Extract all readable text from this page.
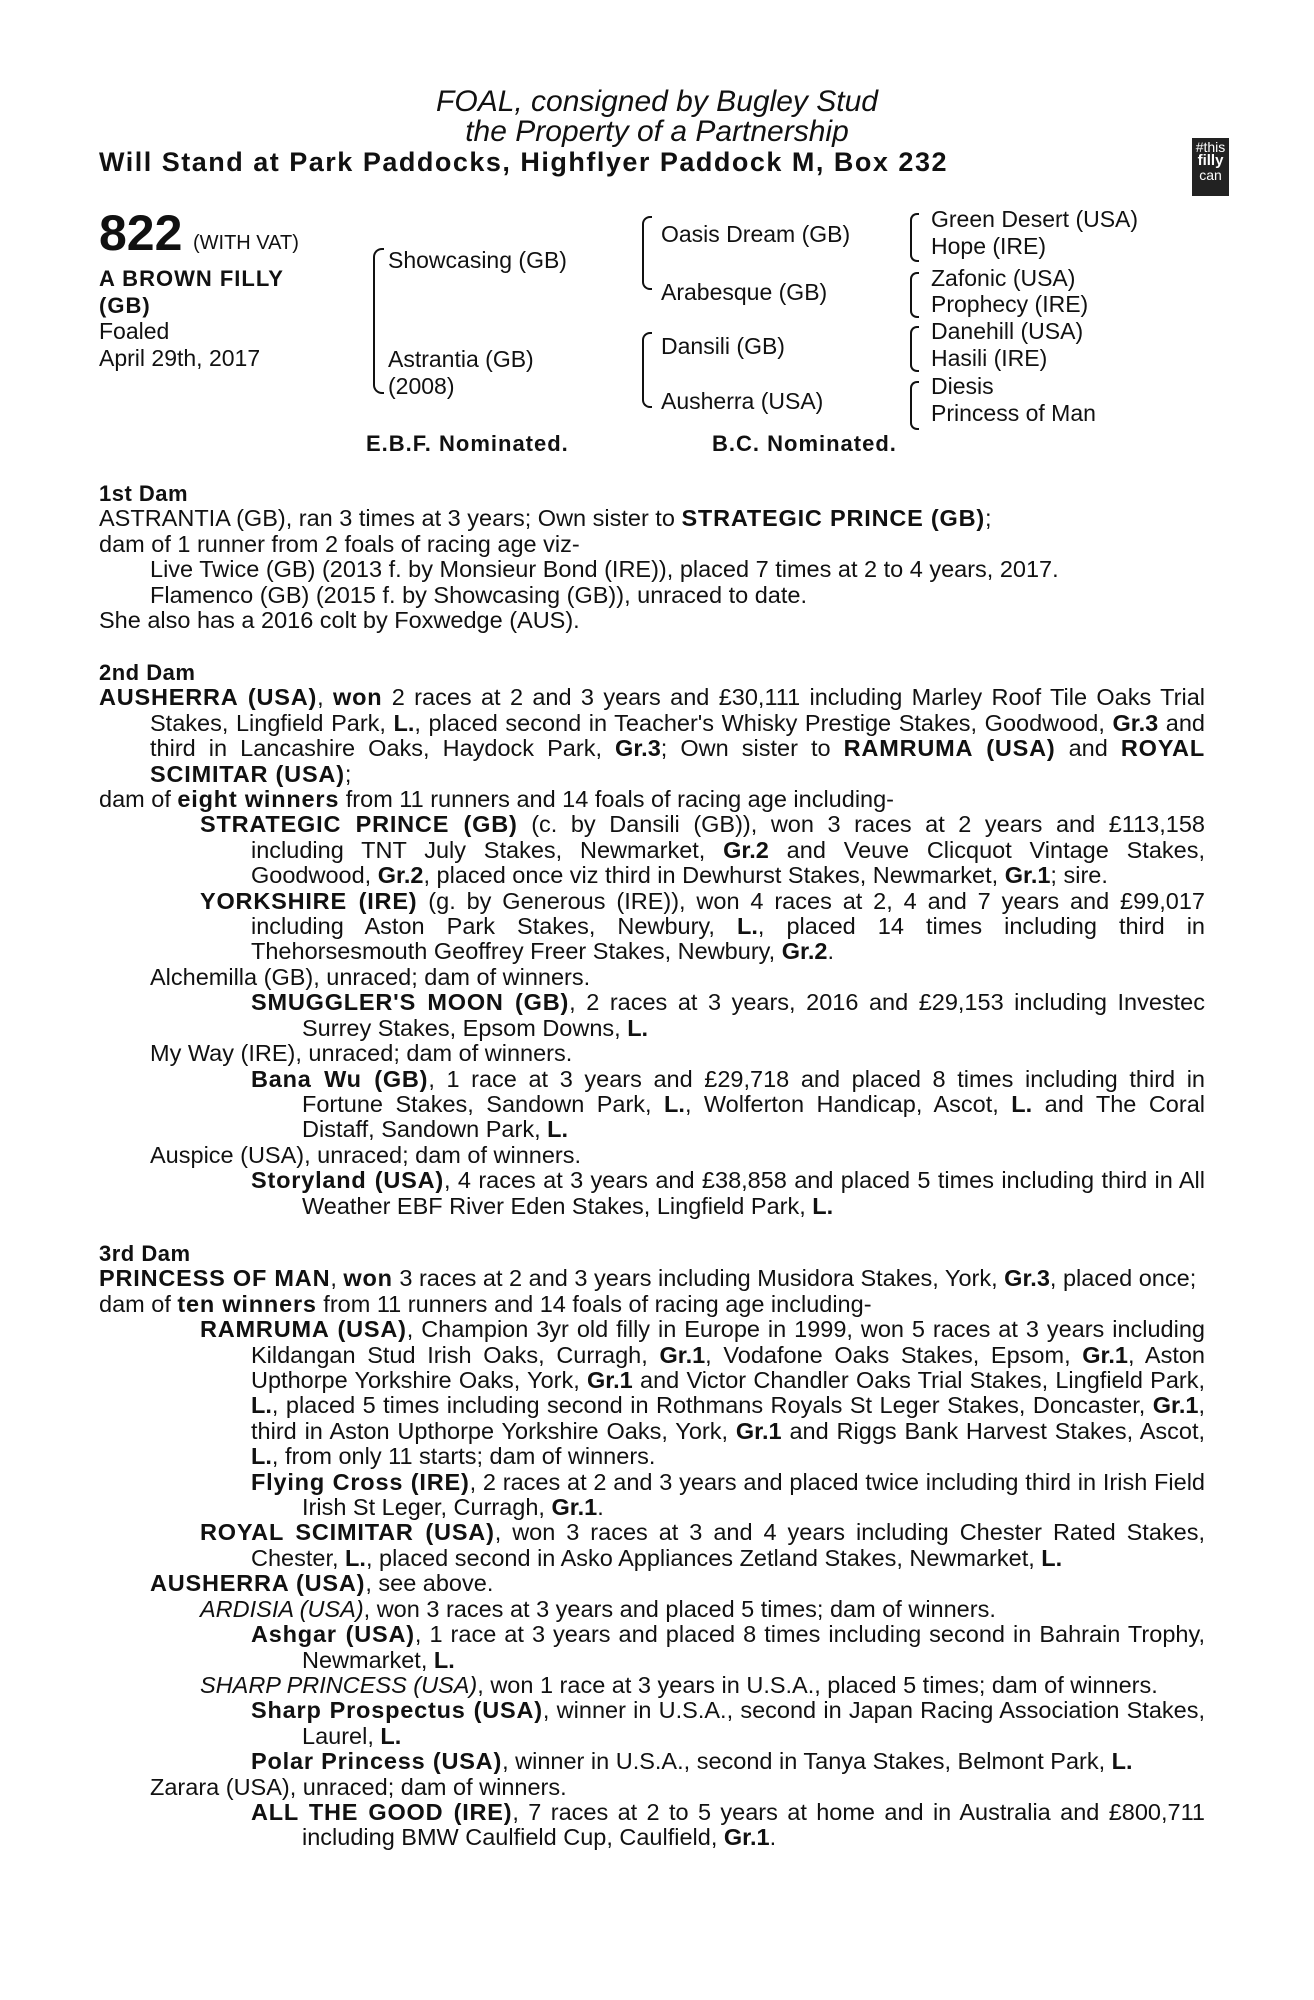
FOAL, consigned by Bugley Stud
the Property of a Partnership
Will Stand at Park Paddocks, Highflyer Paddock M, Box 232	#this
filly
can
822 (WITH VAT)
A BROWN FILLY
(GB)
Foaled
April 29th, 2017
Showcasing (GB)
Astrantia (GB)
(2008)
Oasis Dream (GB)
Arabesque (GB)
Dansili (GB)
Ausherra (USA)
Green Desert (USA)
Hope (IRE)
Zafonic (USA)
Prophecy (IRE)
Danehill (USA)
Hasili (IRE)
Diesis
Princess of Man
E.B.F. Nominated.	B.C. Nominated.
1st Dam

ASTRANTIA (GB), ran 3 times at 3 years; Own sister to STRATEGIC PRINCE (GB);

dam of 1 runner from 2 foals of racing age viz-

Live Twice (GB) (2013 f. by Monsieur Bond (IRE)), placed 7 times at 2 to 4 years, 2017.

Flamenco (GB) (2015 f. by Showcasing (GB)), unraced to date.

She also has a 2016 colt by Foxwedge (AUS).

2nd Dam

AUSHERRA (USA), won 2 races at 2 and 3 years and £30,111 including Marley Roof Tile Oaks Trial Stakes, Lingfield Park, L., placed second in Teacher's Whisky Prestige Stakes, Goodwood, Gr.3 and third in Lancashire Oaks, Haydock Park, Gr.3; Own sister to RAMRUMA (USA) and ROYAL SCIMITAR (USA);

dam of eight winners from 11 runners and 14 foals of racing age including-

STRATEGIC PRINCE (GB) (c. by Dansili (GB)), won 3 races at 2 years and £113,158 including TNT July Stakes, Newmarket, Gr.2 and Veuve Clicquot Vintage Stakes, Goodwood, Gr.2, placed once viz third in Dewhurst Stakes, Newmarket, Gr.1; sire.

YORKSHIRE (IRE) (g. by Generous (IRE)), won 4 races at 2, 4 and 7 years and £99,017 including Aston Park Stakes, Newbury, L., placed 14 times including third in Thehorsesmouth Geoffrey Freer Stakes, Newbury, Gr.2.

Alchemilla (GB), unraced; dam of winners.

SMUGGLER'S MOON (GB), 2 races at 3 years, 2016 and £29,153 including Investec Surrey Stakes, Epsom Downs, L.

My Way (IRE), unraced; dam of winners.

Bana Wu (GB), 1 race at 3 years and £29,718 and placed 8 times including third in Fortune Stakes, Sandown Park, L., Wolferton Handicap, Ascot, L. and The Coral Distaff, Sandown Park, L.

Auspice (USA), unraced; dam of winners.

Storyland (USA), 4 races at 3 years and £38,858 and placed 5 times including third in All Weather EBF River Eden Stakes, Lingfield Park, L.

3rd Dam

PRINCESS OF MAN, won 3 races at 2 and 3 years including Musidora Stakes, York, Gr.3, placed once;

dam of ten winners from 11 runners and 14 foals of racing age including-

RAMRUMA (USA), Champion 3yr old filly in Europe in 1999, won 5 races at 3 years including Kildangan Stud Irish Oaks, Curragh, Gr.1, Vodafone Oaks Stakes, Epsom, Gr.1, Aston Upthorpe Yorkshire Oaks, York, Gr.1 and Victor Chandler Oaks Trial Stakes, Lingfield Park, L., placed 5 times including second in Rothmans Royals St Leger Stakes, Doncaster, Gr.1, third in Aston Upthorpe Yorkshire Oaks, York, Gr.1 and Riggs Bank Harvest Stakes, Ascot, L., from only 11 starts; dam of winners.

Flying Cross (IRE), 2 races at 2 and 3 years and placed twice including third in Irish Field Irish St Leger, Curragh, Gr.1.

ROYAL SCIMITAR (USA), won 3 races at 3 and 4 years including Chester Rated Stakes, Chester, L., placed second in Asko Appliances Zetland Stakes, Newmarket, L.

AUSHERRA (USA), see above.

ARDISIA (USA), won 3 races at 3 years and placed 5 times; dam of winners.

Ashgar (USA), 1 race at 3 years and placed 8 times including second in Bahrain Trophy, Newmarket, L.

SHARP PRINCESS (USA), won 1 race at 3 years in U.S.A., placed 5 times; dam of winners.

Sharp Prospectus (USA), winner in U.S.A., second in Japan Racing Association Stakes, Laurel, L.

Polar Princess (USA), winner in U.S.A., second in Tanya Stakes, Belmont Park, L.

Zarara (USA), unraced; dam of winners.

ALL THE GOOD (IRE), 7 races at 2 to 5 years at home and in Australia and £800,711 including BMW Caulfield Cup, Caulfield, Gr.1.
